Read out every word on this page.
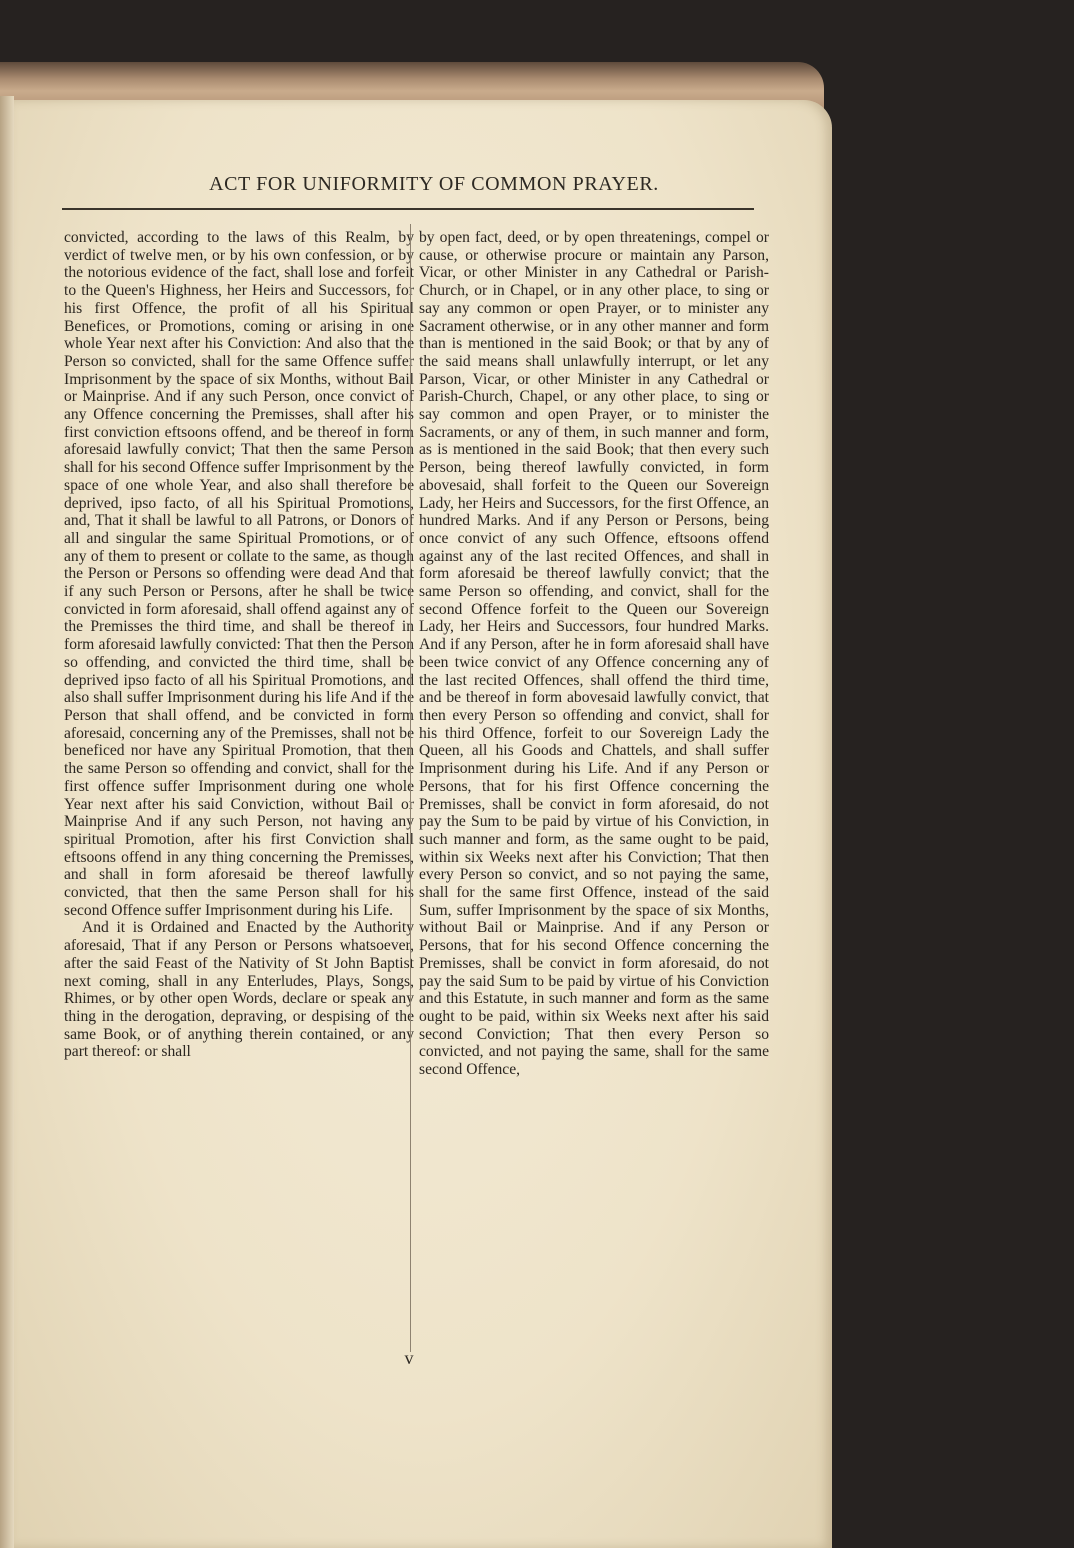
ACT FOR UNIFORMITY OF COMMON PRAYER.

convicted, according to the laws of this Realm, by verdict of twelve men, or by his own confession, or by the notorious evidence of the fact, shall lose and forfeit to the Queen's Highness, her Heirs and Successors, for his first Offence, the profit of all his Spiritual Benefices, or Promotions, coming or arising in one whole Year next after his Conviction: And also that the Person so convicted, shall for the same Offence suffer Imprisonment by the space of six Months, without Bail or Mainprise. And if any such Person, once convict of any Offence concerning the Premisses, shall after his first conviction eftsoons offend, and be thereof in form aforesaid lawfully convict; That then the same Person shall for his second Offence suffer Imprisonment by the space of one whole Year, and also shall therefore be deprived, ipso facto, of all his Spiritual Promotions, and, That it shall be lawful to all Patrons, or Donors of all and singular the same Spiritual Promotions, or of any of them to present or collate to the same, as though the Person or Persons so offending were dead And that if any such Person or Persons, after he shall be twice convicted in form aforesaid, shall offend against any of the Premisses the third time, and shall be thereof in form aforesaid lawfully convicted: That then the Person so offending, and convicted the third time, shall be deprived ipso facto of all his Spiritual Promotions, and also shall suffer Imprisonment during his life And if the Person that shall offend, and be convicted in form aforesaid, concerning any of the Premisses, shall not be beneficed nor have any Spiritual Promotion, that then the same Person so offending and convict, shall for the first offence suffer Imprisonment during one whole Year next after his said Conviction, without Bail or Mainprise And if any such Person, not having any spiritual Promotion, after his first Conviction shall eftsoons offend in any thing concerning the Premisses, and shall in form aforesaid be thereof lawfully convicted, that then the same Person shall for his second Offence suffer Imprisonment during his Life.

And it is Ordained and Enacted by the Authority aforesaid, That if any Person or Persons whatsoever, after the said Feast of the Nativity of St John Baptist next coming, shall in any Enterludes, Plays, Songs, Rhimes, or by other open Words, declare or speak any thing in the derogation, depraving, or despising of the same Book, or of anything therein contained, or any part thereof: or shall

by open fact, deed, or by open threatenings, compel or cause, or otherwise procure or maintain any Parson, Vicar, or other Minister in any Cathedral or Parish-Church, or in Chapel, or in any other place, to sing or say any common or open Prayer, or to minister any Sacrament otherwise, or in any other manner and form than is mentioned in the said Book; or that by any of the said means shall unlawfully interrupt, or let any Parson, Vicar, or other Minister in any Cathedral or Parish-Church, Chapel, or any other place, to sing or say common and open Prayer, or to minister the Sacraments, or any of them, in such manner and form, as is mentioned in the said Book; that then every such Person, being thereof lawfully convicted, in form abovesaid, shall forfeit to the Queen our Sovereign Lady, her Heirs and Successors, for the first Offence, an hundred Marks. And if any Person or Persons, being once convict of any such Offence, eftsoons offend against any of the last recited Offences, and shall in form aforesaid be thereof lawfully convict; that the same Person so offending, and convict, shall for the second Offence forfeit to the Queen our Sovereign Lady, her Heirs and Successors, four hundred Marks. And if any Person, after he in form aforesaid shall have been twice convict of any Offence concerning any of the last recited Offences, shall offend the third time, and be thereof in form abovesaid lawfully convict, that then every Person so offending and convict, shall for his third Offence, forfeit to our Sovereign Lady the Queen, all his Goods and Chattels, and shall suffer Imprisonment during his Life. And if any Person or Persons, that for his first Offence concerning the Premisses, shall be convict in form aforesaid, do not pay the Sum to be paid by virtue of his Conviction, in such manner and form, as the same ought to be paid, within six Weeks next after his Conviction; That then every Person so convict, and so not paying the same, shall for the same first Offence, instead of the said Sum, suffer Imprisonment by the space of six Months, without Bail or Mainprise. And if any Person or Persons, that for his second Offence concerning the Premisses, shall be convict in form aforesaid, do not pay the said Sum to be paid by virtue of his Conviction and this Estatute, in such manner and form as the same ought to be paid, within six Weeks next after his said second Conviction; That then every Person so convicted, and not paying the same, shall for the same second Offence,

v
